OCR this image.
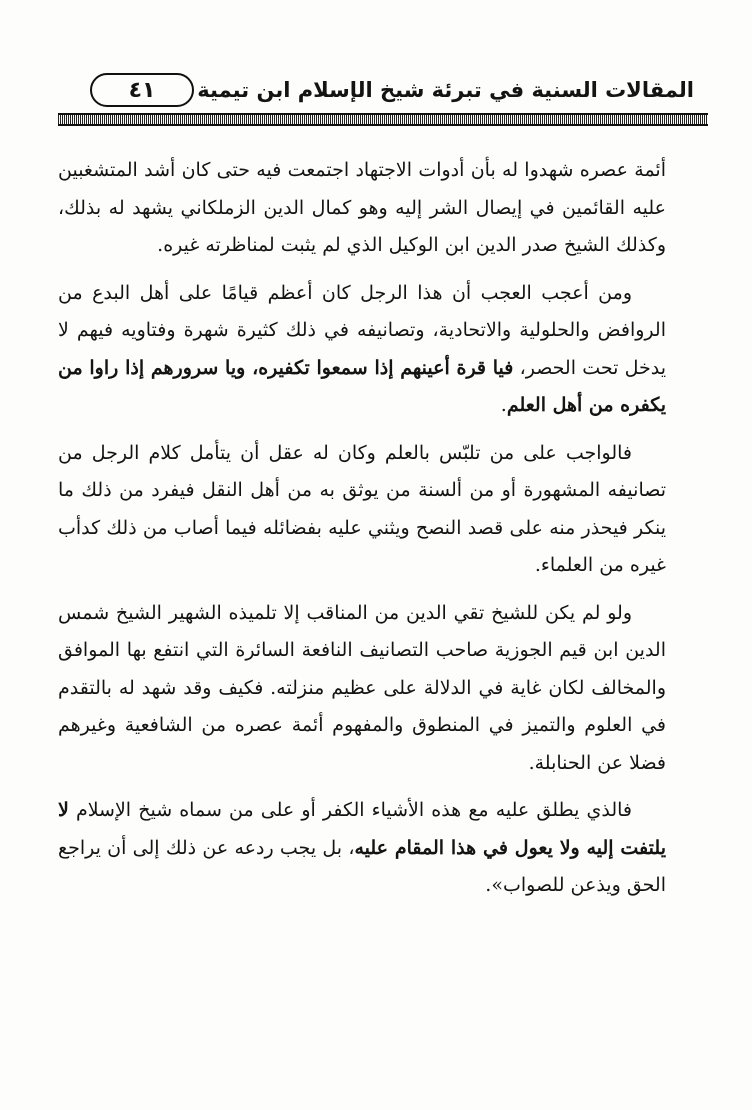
المقالات السنية في تبرئة شيخ الإسلام ابن تيمية
٤١

أئمة عصره شهدوا له بأن أدوات الاجتهاد اجتمعت فيه حتى كان أشد المتشغبين عليه القائمين في إيصال الشر إليه وهو كمال الدين الزملكاني يشهد له بذلك، وكذلك الشيخ صدر الدين ابن الوكيل الذي لم يثبت لمناظرته غيره.

ومن أعجب العجب أن هذا الرجل كان أعظم قيامًا على أهل البدع من الروافض والحلولية والاتحادية، وتصانيفه في ذلك كثيرة شهرة وفتاويه فيهم لا يدخل تحت الحصر، فيا قرة أعينهم إذا سمعوا تكفيره، ويا سرورهم إذا راوا من يكفره من أهل العلم.

فالواجب على من تلبّس بالعلم وكان له عقل أن يتأمل كلام الرجل من تصانيفه المشهورة أو من ألسنة من يوثق به من أهل النقل فيفرد من ذلك ما ينكر فيحذر منه على قصد النصح ويثني عليه بفضائله فيما أصاب من ذلك كدأب غيره من العلماء.

ولو لم يكن للشيخ تقي الدين من المناقب إلا تلميذه الشهير الشيخ شمس الدين ابن قيم الجوزية صاحب التصانيف النافعة السائرة التي انتفع بها الموافق والمخالف لكان غاية في الدلالة على عظيم منزلته. فكيف وقد شهد له بالتقدم في العلوم والتميز في المنطوق والمفهوم أئمة عصره من الشافعية وغيرهم فضلا عن الحنابلة.

فالذي يطلق عليه مع هذه الأشياء الكفر أو على من سماه شيخ الإسلام لا يلتفت إليه ولا يعول في هذا المقام عليه، بل يجب ردعه عن ذلك إلى أن يراجع الحق ويذعن للصواب».
